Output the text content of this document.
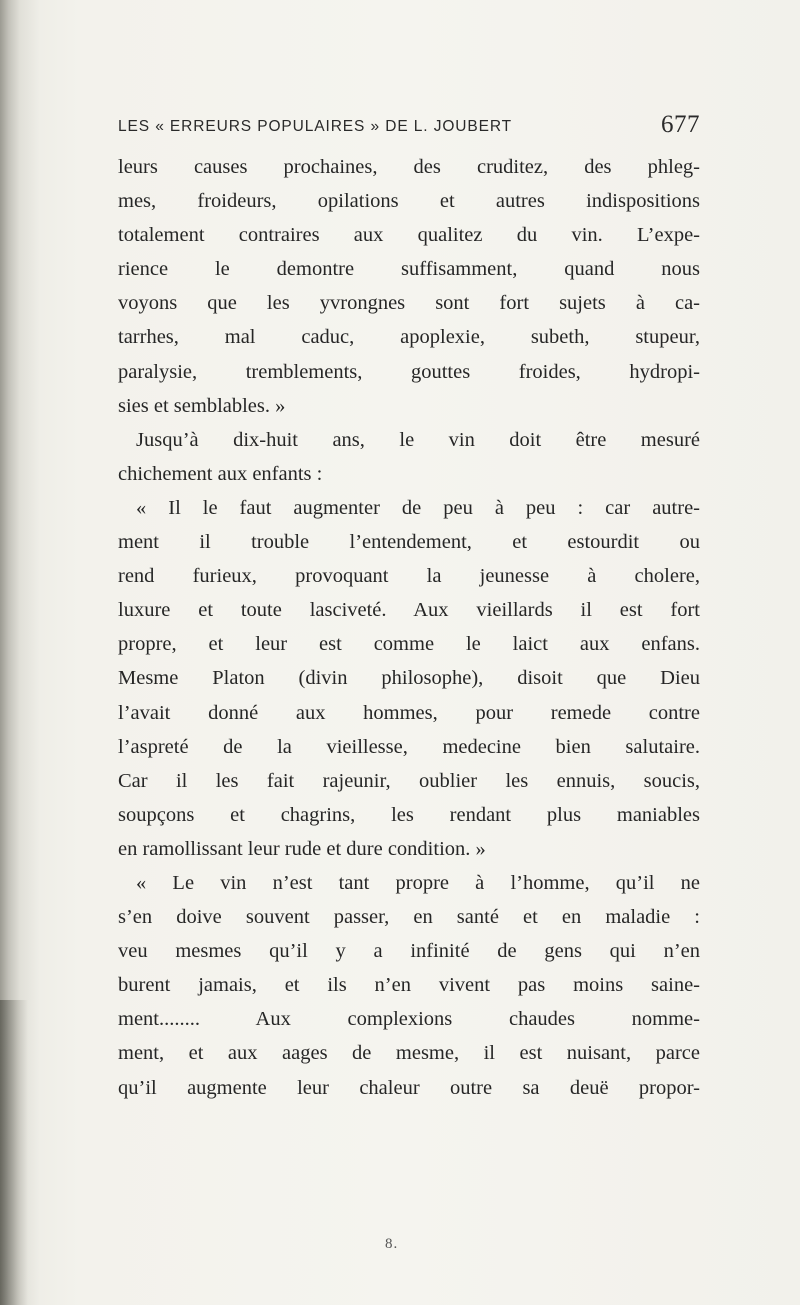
LES « ERREURS POPULAIRES » DE L. JOUBERT	677
leurs causes prochaines, des cruditez, des phleg-
mes, froideurs, opilations et autres indispositions
totalement contraires aux qualitez du vin. L’expe-
rience le demontre suffisamment, quand nous
voyons que les yvrongnes sont fort sujets à ca-
tarrhes, mal caduc, apoplexie, subeth, stupeur,
paralysie, tremblements, gouttes froides, hydropi-
sies et semblables. »
Jusqu’à dix-huit ans, le vin doit être mesuré
chichement aux enfants :
« Il le faut augmenter de peu à peu : car autre-
ment il trouble l’entendement, et estourdit ou
rend furieux, provoquant la jeunesse à cholere,
luxure et toute lasciveté. Aux vieillards il est fort
propre, et leur est comme le laict aux enfans.
Mesme Platon (divin philosophe), disoit que Dieu
l’avait donné aux hommes, pour remede contre
l’aspreté de la vieillesse, medecine bien salutaire.
Car il les fait rajeunir, oublier les ennuis, soucis,
soupçons et chagrins, les rendant plus maniables
en ramollissant leur rude et dure condition. »
« Le vin n’est tant propre à l’homme, qu’il ne
s’en doive souvent passer, en santé et en maladie :
veu mesmes qu’il y a infinité de gens qui n’en
burent jamais, et ils n’en vivent pas moins saine-
ment........ Aux complexions chaudes nomme-
ment, et aux aages de mesme, il est nuisant, parce
qu’il augmente leur chaleur outre sa deuë propor-
8.
